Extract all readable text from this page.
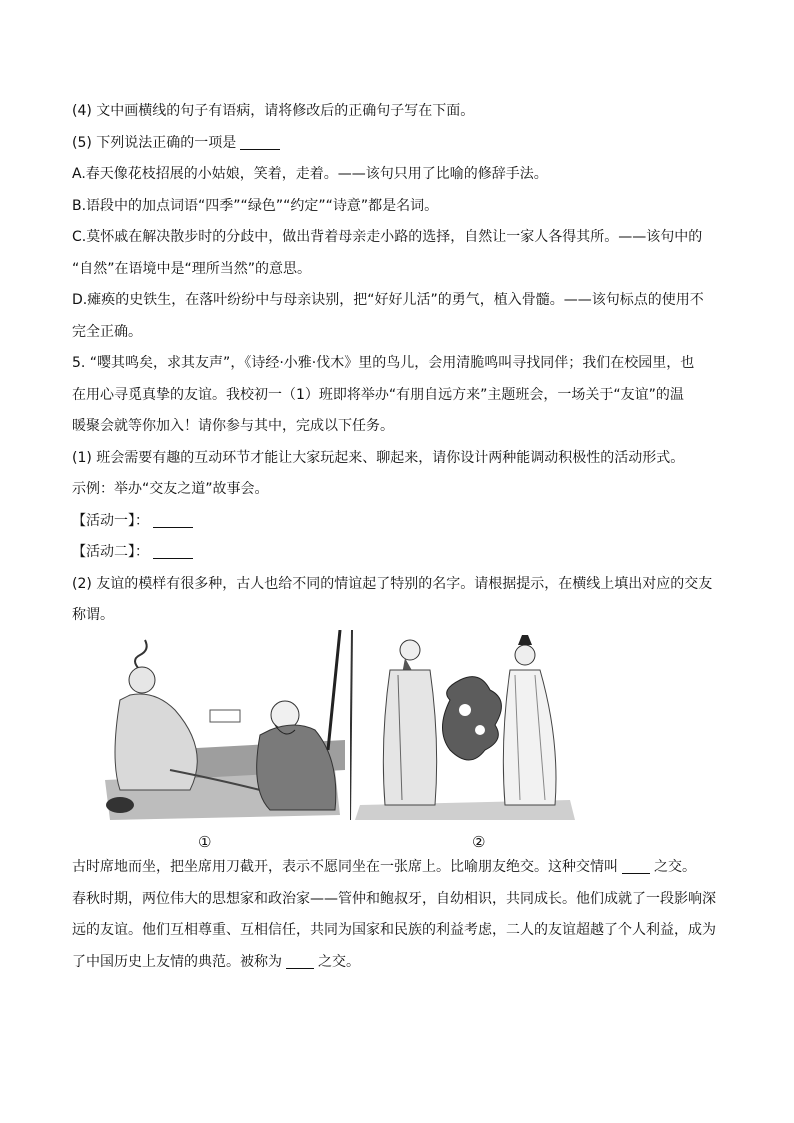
(4) 文中画横线的句子有语病，请将修改后的正确句子写在下面。
(5) 下列说法正确的一项是
A.春天像花枝招展的小姑娘，笑着，走着。——该句只用了比喻的修辞手法。
B.语段中的加点词语“四季”“绿色”“约定”“诗意”都是名词。
C.莫怀戚在解决散步时的分歧中，做出背着母亲走小路的选择，自然让一家人各得其所。——该句中的
“自然”在语境中是“理所当然”的意思。
D.瘫痪的史铁生，在落叶纷纷中与母亲诀别，把“好好儿活”的勇气，植入骨髓。——该句标点的使用不
完全正确。
5. “嘤其鸣矣，求其友声”，《诗经·小雅·伐木》里的鸟儿，会用清脆鸣叫寻找同伴；我们在校园里，也
在用心寻觅真挚的友谊。我校初一（1）班即将举办“有朋自远方来”主题班会，一场关于“友谊”的温
暖聚会就等你加入！请你参与其中，完成以下任务。
(1) 班会需要有趣的互动环节才能让大家玩起来、聊起来，请你设计两种能调动积极性的活动形式。
示例：举办“交友之道”故事会。
【活动一】：
【活动二】：
(2) 友谊的模样有很多种，古人也给不同的情谊起了特别的名字。请根据提示，在横线上填出对应的交友
称谓。
①	②
古时席地而坐，把坐席用刀截开，表示不愿同坐在一张席上。比喻朋友绝交。这种交情叫	之交。
春秋时期，两位伟大的思想家和政治家——管仲和鲍叔牙，自幼相识，共同成长。他们成就了一段影响深
远的友谊。他们互相尊重、互相信任，共同为国家和民族的利益考虑，二人的友谊超越了个人利益，成为
了中国历史上友情的典范。被称为	之交。
